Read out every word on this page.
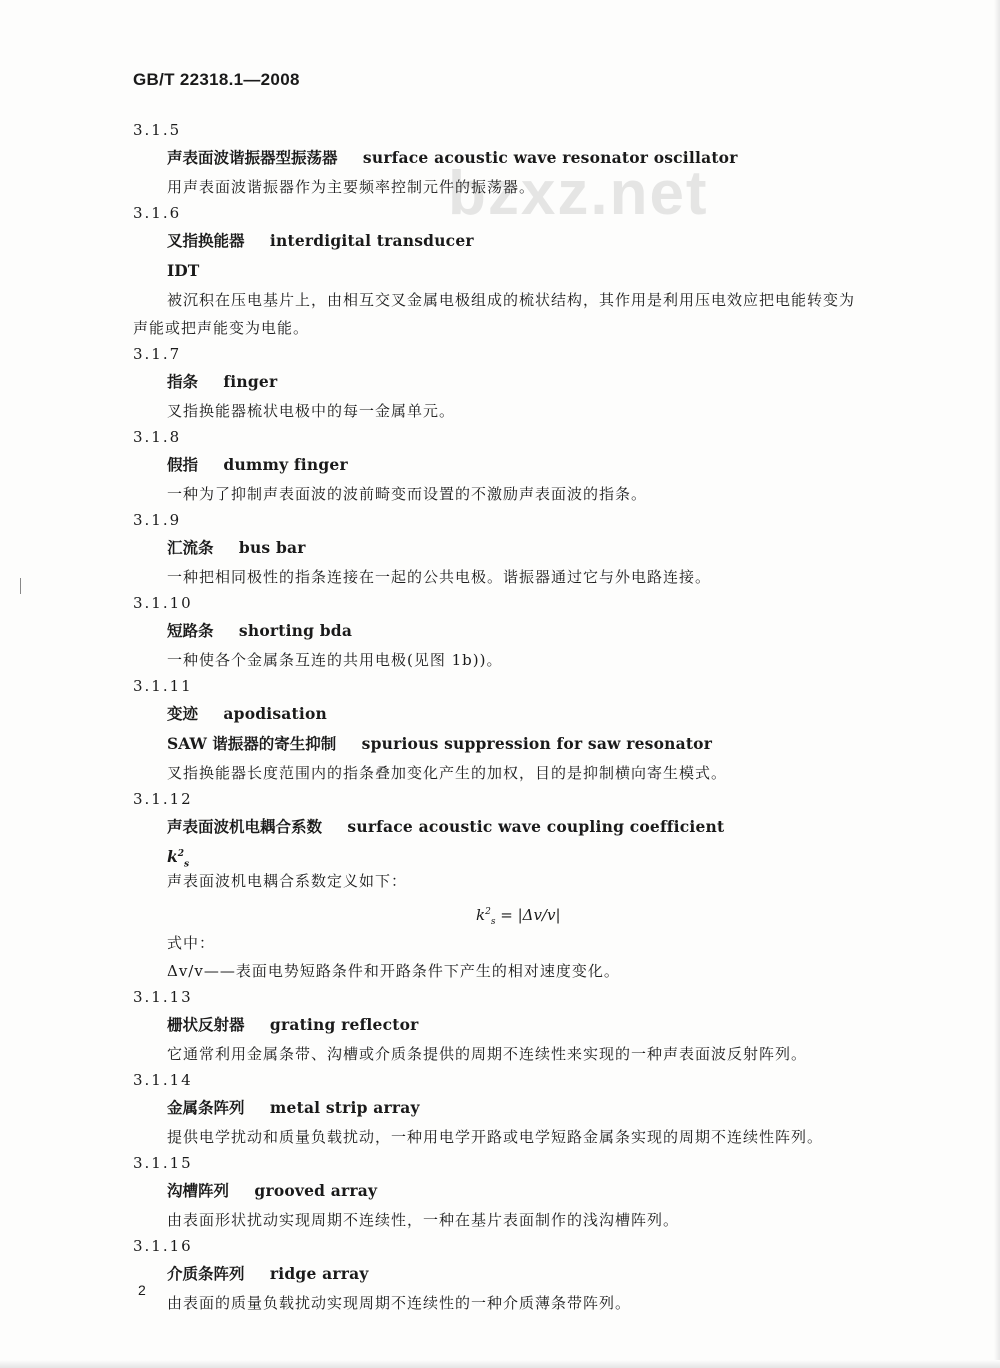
GB/T 22318.1—2008
bzxz.net
3.1.5
声表面波谐振器型振荡器 surface acoustic wave resonator oscillator
用声表面波谐振器作为主要频率控制元件的振荡器。
3.1.6
叉指换能器 interdigital transducer
IDT
被沉积在压电基片上，由相互交叉金属电极组成的梳状结构，其作用是利用压电效应把电能转变为
声能或把声能变为电能。
3.1.7
指条 finger
叉指换能器梳状电极中的每一金属单元。
3.1.8
假指 dummy finger
一种为了抑制声表面波的波前畸变而设置的不激励声表面波的指条。
3.1.9
汇流条 bus bar
一种把相同极性的指条连接在一起的公共电极。谐振器通过它与外电路连接。
3.1.10
短路条 shorting bda
一种使各个金属条互连的共用电极(见图 1b))。
3.1.11
变迹 apodisation
SAW 谐振器的寄生抑制 spurious suppression for saw resonator
叉指换能器长度范围内的指条叠加变化产生的加权，目的是抑制横向寄生模式。
3.1.12
声表面波机电耦合系数 surface acoustic wave coupling coefficient
$k^2_s$
声表面波机电耦合系数定义如下：
$k^2_s = |\Delta v/v|$
式中：
Δv/v——表面电势短路条件和开路条件下产生的相对速度变化。
3.1.13
栅状反射器 grating reflector
它通常利用金属条带、沟槽或介质条提供的周期不连续性来实现的一种声表面波反射阵列。
3.1.14
金属条阵列 metal strip array
提供电学扰动和质量负载扰动，一种用电学开路或电学短路金属条实现的周期不连续性阵列。
3.1.15
沟槽阵列 grooved array
由表面形状扰动实现周期不连续性，一种在基片表面制作的浅沟槽阵列。
3.1.16
介质条阵列 ridge array
由表面的质量负载扰动实现周期不连续性的一种介质薄条带阵列。
2
